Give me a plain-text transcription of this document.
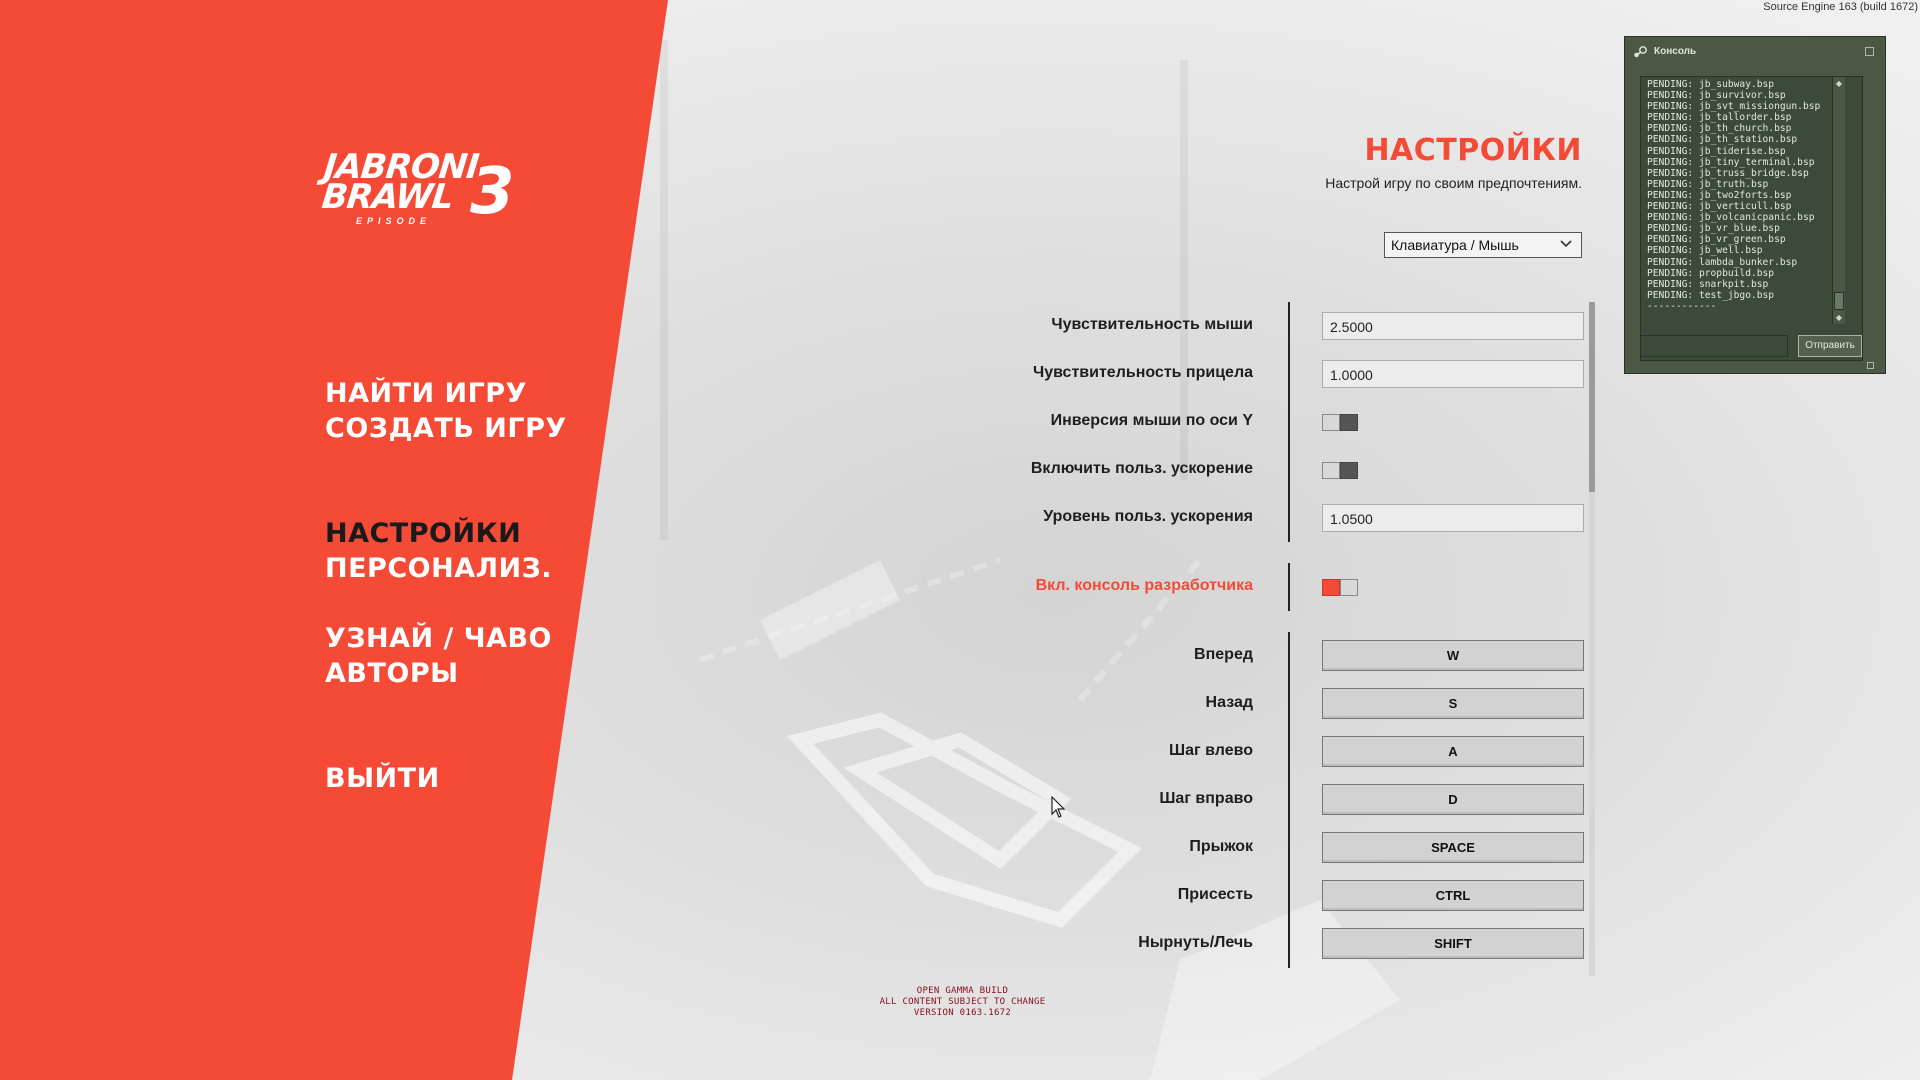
Source Engine 163 (build 1672)
JABRONI
BRAWL 3
EPISODE
НАЙТИ ИГРУ
СОЗДАТЬ ИГРУ
НАСТРОЙКИ
ПЕРСОНАЛИЗ.
УЗНАЙ / ЧАВО
АВТОРЫ
ВЫЙТИ
НАСТРОЙКИ
Настрой игру по своим предпочтениям.
Клавиатура / Мышь
Чувствительность мыши	2.5000
Чувствительность прицела	1.0000
Инверсия мыши по оси Y
Включить польз. ускорение
Уровень польз. ускорения	1.0500
Вкл. консоль разработчика
Вперед	W
Назад	S
Шаг влево	A
Шаг вправо	D
Прыжок	SPACE
Присесть	CTRL
Нырнуть/Лечь	SHIFT
OPEN GAMMA BUILD
ALL CONTENT SUBJECT TO CHANGE
VERSION 0163.1672
Консоль
PENDING: jb_subway.bsp
PENDING: jb_survivor.bsp
PENDING: jb_svt_missiongun.bsp
PENDING: jb_tallorder.bsp
PENDING: jb_th_church.bsp
PENDING: jb_th_station.bsp
PENDING: jb_tiderise.bsp
PENDING: jb_tiny_terminal.bsp
PENDING: jb_truss_bridge.bsp
PENDING: jb_truth.bsp
PENDING: jb_two2forts.bsp
PENDING: jb_verticull.bsp
PENDING: jb_volcanicpanic.bsp
PENDING: jb_vr_blue.bsp
PENDING: jb_vr_green.bsp
PENDING: jb_well.bsp
PENDING: lambda_bunker.bsp
PENDING: propbuild.bsp
PENDING: snarkpit.bsp
PENDING: test_jbgo.bsp
------------
◆
◆
Отправить
